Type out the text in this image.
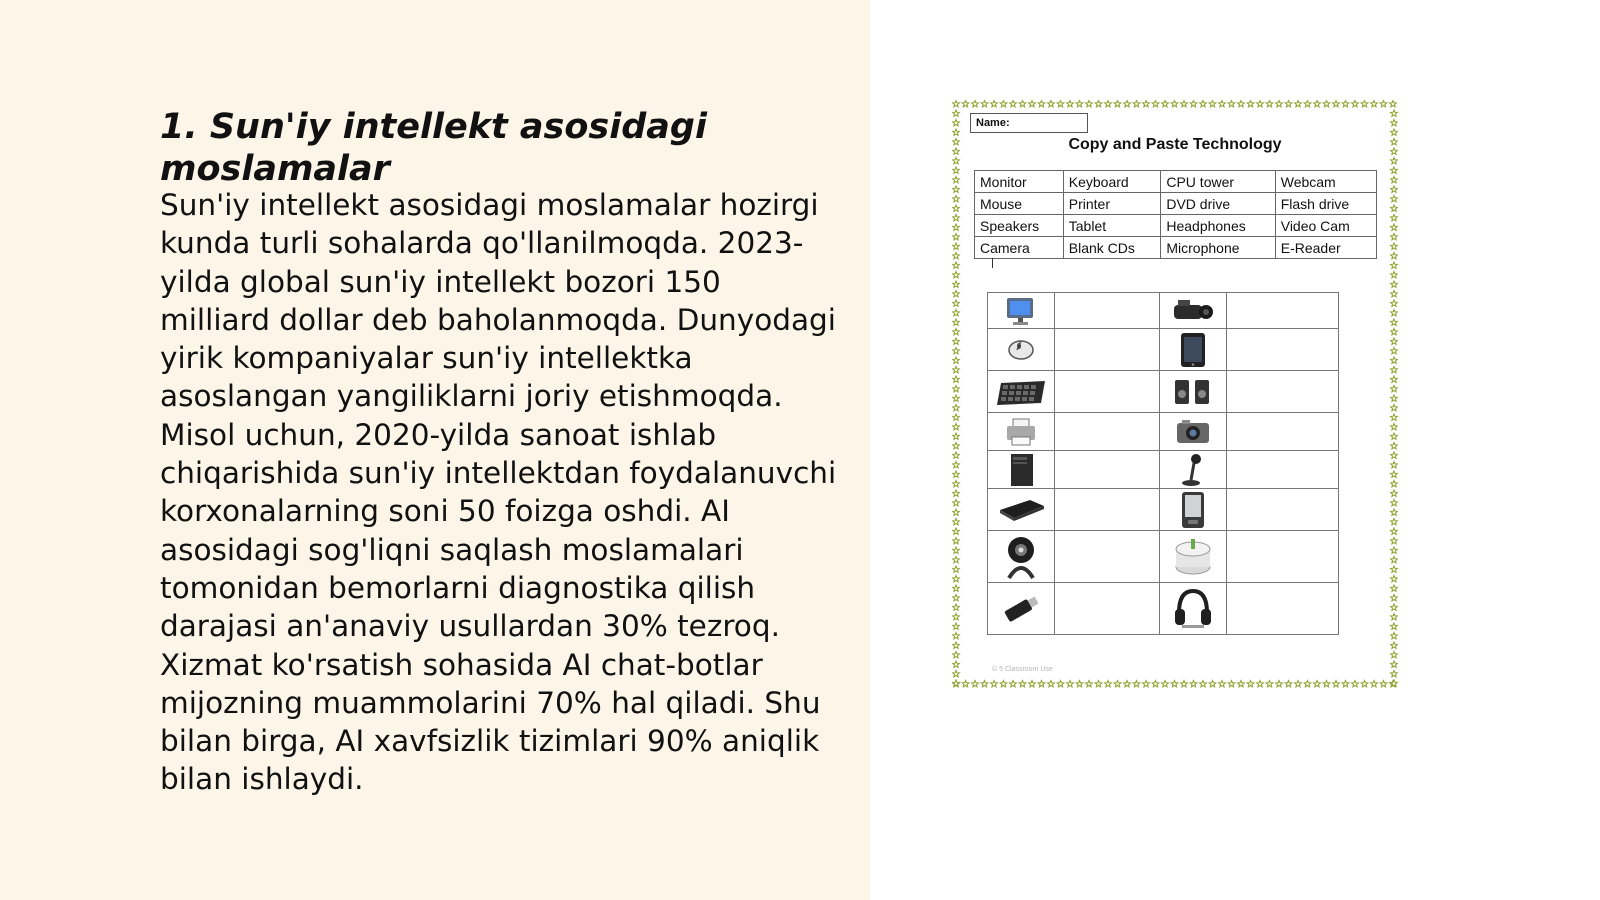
1. Sun'iy intellekt asosidagi moslamalar

Sun'iy intellekt asosidagi moslamalar hozirgi kunda turli sohalarda qo'llanilmoqda. 2023-yilda global sun'iy intellekt bozori 150 milliard dollar deb baholanmoqda. Dunyodagi yirik kompaniyalar sun'iy intellektka asoslangan yangiliklarni joriy etishmoqda. Misol uchun, 2020-yilda sanoat ishlab chiqarishida sun'iy intellektdan foydalanuvchi korxonalarning soni 50 foizga oshdi. AI asosidagi sog'liqni saqlash moslamalari tomonidan bemorlarni diagnostika qilish darajasi an'anaviy usullardan 30% tezroq. Xizmat ko'rsatish sohasida AI chat-botlar mijozning muammolarini 70% hal qiladi. Shu bilan birga, AI xavfsizlik tizimlari 90% aniqlik bilan ishlaydi.

Name:
Copy and Paste Technology
Monitor	Keyboard	CPU tower	Webcam
Mouse	Printer	DVD drive	Flash drive
Speakers	Tablet	Headphones	Video Cam
Camera	Blank CDs	Microphone	E-Reader

© 5 Classroom Use
